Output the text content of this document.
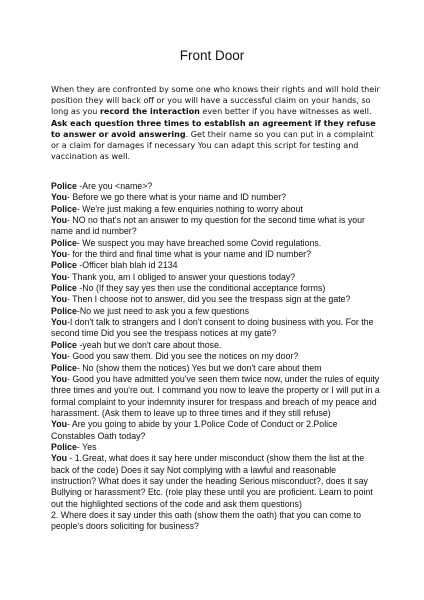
Front Door
When they are confronted by some one who knows their rights and will hold their position they will back off or you will have a successful claim on your hands, so long as you record the interaction even better if you have witnesses as well. Ask each question three times to establish an agreement if they refuse to answer or avoid answering. Get their name so you can put in a complaint or a claim for damages if necessary You can adapt this script for testing and vaccination as well.
Police -Are you <name>?
You- Before we go there what is your name and ID number?
Police- We're just making a few enquiries nothing to worry about
You- NO no that's not an answer to my question for the second time what is your name and id number?
Police- We suspect you may have breached some Covid regulations.
You- for the third and final time what is your name and ID number?
Police -Officer blah blah id 2134
You- Thank you, am I obliged to answer your questions today?
Police -No (If they say yes then use the conditional acceptance forms)
You- Then I choose not to answer, did you see the trespass sign at the gate?
Police-No we just need to ask you a few questions
You-I don't talk to strangers and I don't consent to doing business with you. For the second time Did you see the trespass notices at my gate?
Police -yeah but we don't care about those.
You- Good you saw them. Did you see the notices on my door?
Police- No (show them the notices) Yes but we don't care about them
You- Good you have admitted you've seen them twice now, under the rules of equity three times and you're out. I command you now to leave the property or I will put in a formal complaint to your indemnity insurer for trespass and breach of my peace and harassment. (Ask them to leave up to three times and if they still refuse)
You- Are you going to abide by your 1.Police Code of Conduct or 2.Police Constables Oath today?
Police- Yes
You - 1.Great, what does it say here under misconduct (show them the list at the back of the code) Does it say Not complying with a lawful and reasonable instruction? What does it say under the heading Serious misconduct?, does it say Bullying or harassment? Etc. (role play these until you are proficient. Learn to point out the highlighted sections of the code and ask them questions)
2. Where does it say under this oath (show them the oath) that you can come to people's doors soliciting for business?
